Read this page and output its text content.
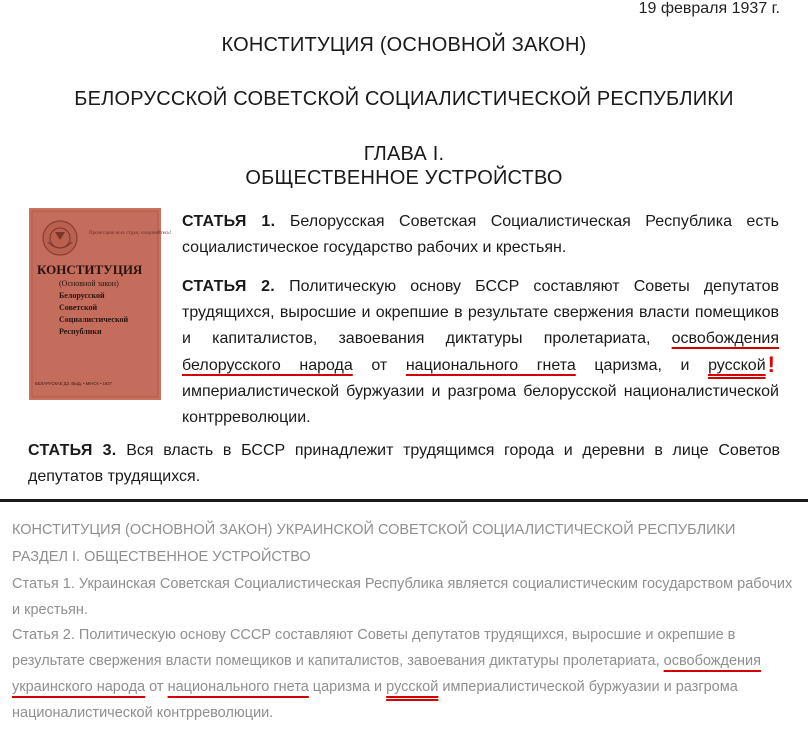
19 февраля 1937 г.
КОНСТИТУЦИЯ (ОСНОВНОЙ ЗАКОН)
БЕЛОРУССКОЙ СОВЕТСКОЙ СОЦИАЛИСТИЧЕСКОЙ РЕСПУБЛИКИ
ГЛАВА I.
ОБЩЕСТВЕННОЕ УСТРОЙСТВО
Пролетарии всех стран, соединяйтесь!
КОНСТИТУЦИЯ
(Основной закон)
Белорусской
Советской
Социалистической
Республики
БЕЛАРУСКАЕ ДЗ. ВЫД. • МІНСК • 1937
СТАТЬЯ 1. Белорусская Советская Социалистическая Республика есть социалистическое государство рабочих и крестьян.
СТАТЬЯ 2. Политическую основу БССР составляют Советы депутатов трудящихся, выросшие и окрепшие в результате свержения власти помещиков и капиталистов, завоевания диктатуры пролетариата, освобождения белорусского народа от национального гнета царизма, и русской!империалистической буржуазии и разгрома белорусской националистической контрреволюции.
СТАТЬЯ 3. Вся власть в БССР принадлежит трудящимся города и деревни в лице Советов депутатов трудящихся.
КОНСТИТУЦИЯ (ОСНОВНОЙ ЗАКОН) УКРАИНСКОЙ СОВЕТСКОЙ СОЦИАЛИСТИЧЕСКОЙ РЕСПУБЛИКИ
РАЗДЕЛ I. ОБЩЕСТВЕННОЕ УСТРОЙСТВО
Статья 1. Украинская Советская Социалистическая Республика является социалистическим государством рабочих и крестьян.
Статья 2. Политическую основу СССР составляют Советы депутатов трудящихся, выросшие и окрепшие в результате свержения власти помещиков и капиталистов, завоевания диктатуры пролетариата, освобождения украинского народа от национального гнета царизма и русской империалистической буржуазии и разгрома националистической контрреволюции.
